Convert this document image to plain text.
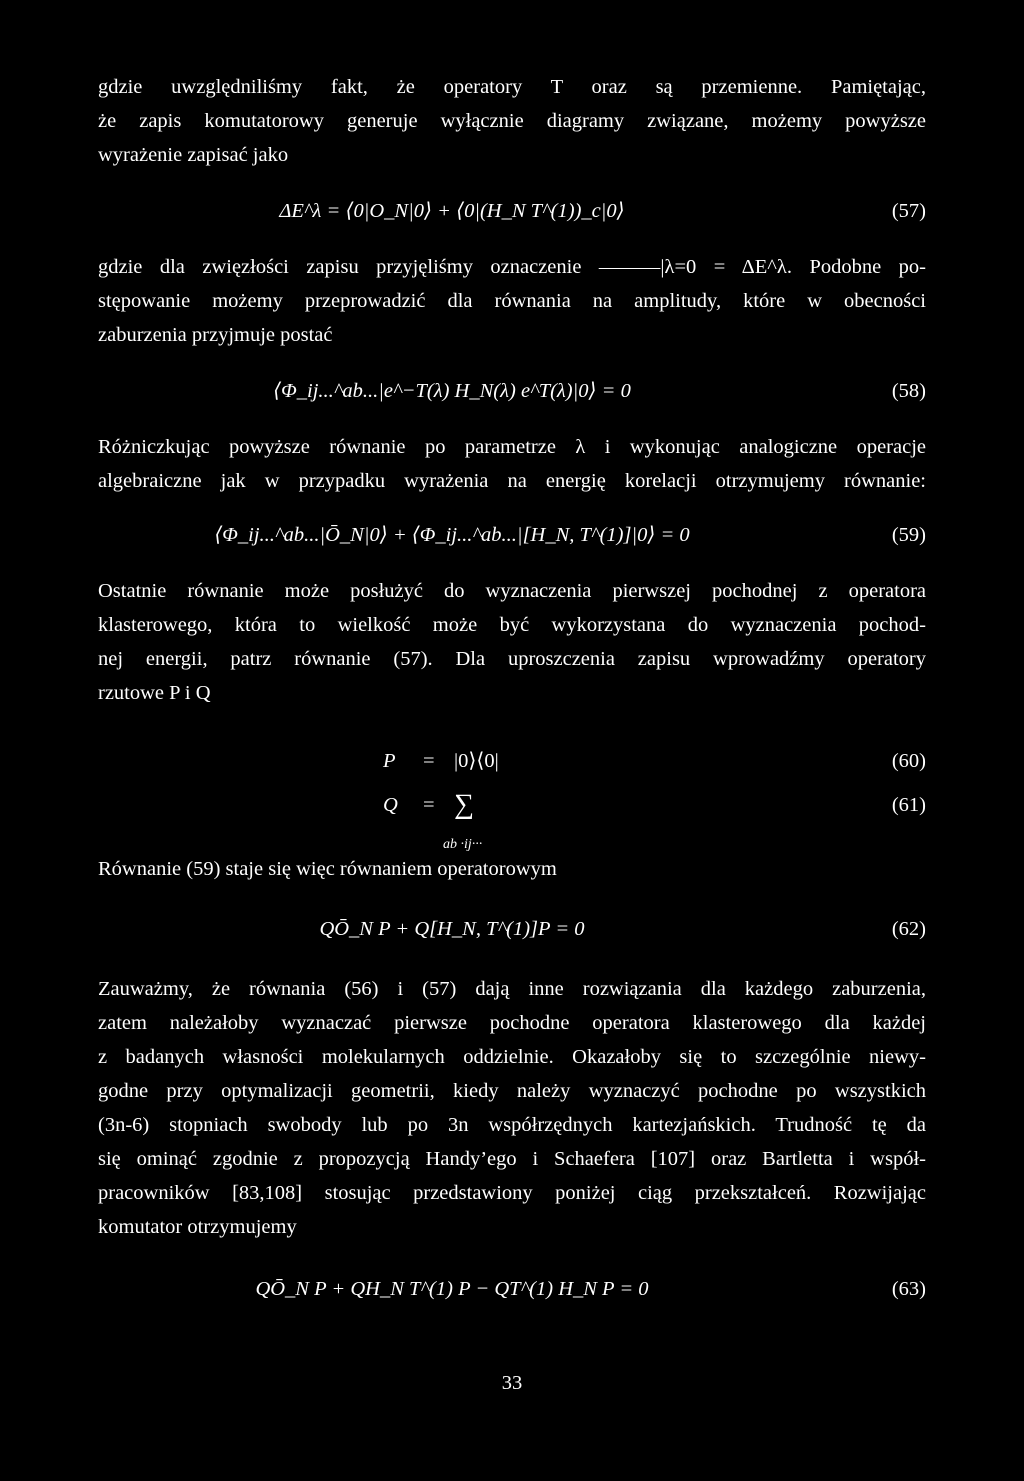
gdzie uwzględniliśmy fakt, że operatory T oraz są przemienne. Pamiętając,
że zapis komutatorowy generuje wyłącznie diagramy związane, możemy powyższe
wyrażenie zapisać jako

ΔE^λ = ⟨0|O_N|0⟩ + ⟨0|(H_N T^(1))_c|0⟩	(57)

gdzie dla zwięzłości zapisu przyjęliśmy oznaczenie ———|λ=0 = ΔE^λ. Podobne po-
stępowanie możemy przeprowadzić dla równania na amplitudy, które w obecności
zaburzenia przyjmuje postać

⟨Φ_ij...^ab...|e^−T(λ) H_N(λ) e^T(λ)|0⟩ = 0	(58)

Różniczkując powyższe równanie po parametrze λ i wykonując analogiczne operacje
algebraiczne jak w przypadku wyrażenia na energię korelacji otrzymujemy równanie:

⟨Φ_ij...^ab...|Ō_N|0⟩ + ⟨Φ_ij...^ab...|[H_N, T^(1)]|0⟩ = 0	(59)

Ostatnie równanie może posłużyć do wyznaczenia pierwszej pochodnej z operatora
klasterowego, która to wielkość może być wykorzystana do wyznaczenia pochod-
nej energii, patrz równanie (57). Dla uproszczenia zapisu wprowadźmy operatory
rzutowe P i Q

P = |0⟩⟨0|	(60)
Q = ∑
ab ·ij···
(61)

Równanie (59) staje się więc równaniem operatorowym

QŌ_N P + Q[H_N, T^(1)]P = 0	(62)

Zauważmy, że równania (56) i (57) dają inne rozwiązania dla każdego zaburzenia,
zatem należałoby wyznaczać pierwsze pochodne operatora klasterowego dla każdej
z badanych własności molekularnych oddzielnie. Okazałoby się to szczególnie niewy-
godne przy optymalizacji geometrii, kiedy należy wyznaczyć pochodne po wszystkich
(3n-6) stopniach swobody lub po 3n współrzędnych kartezjańskich. Trudność tę da
się ominąć zgodnie z propozycją Handy’ego i Schaefera [107] oraz Bartletta i współ-
pracowników [83,108] stosując przedstawiony poniżej ciąg przekształceń. Rozwijając
komutator otrzymujemy

QŌ_N P + QH_N T^(1) P − QT^(1) H_N P = 0	(63)
33
